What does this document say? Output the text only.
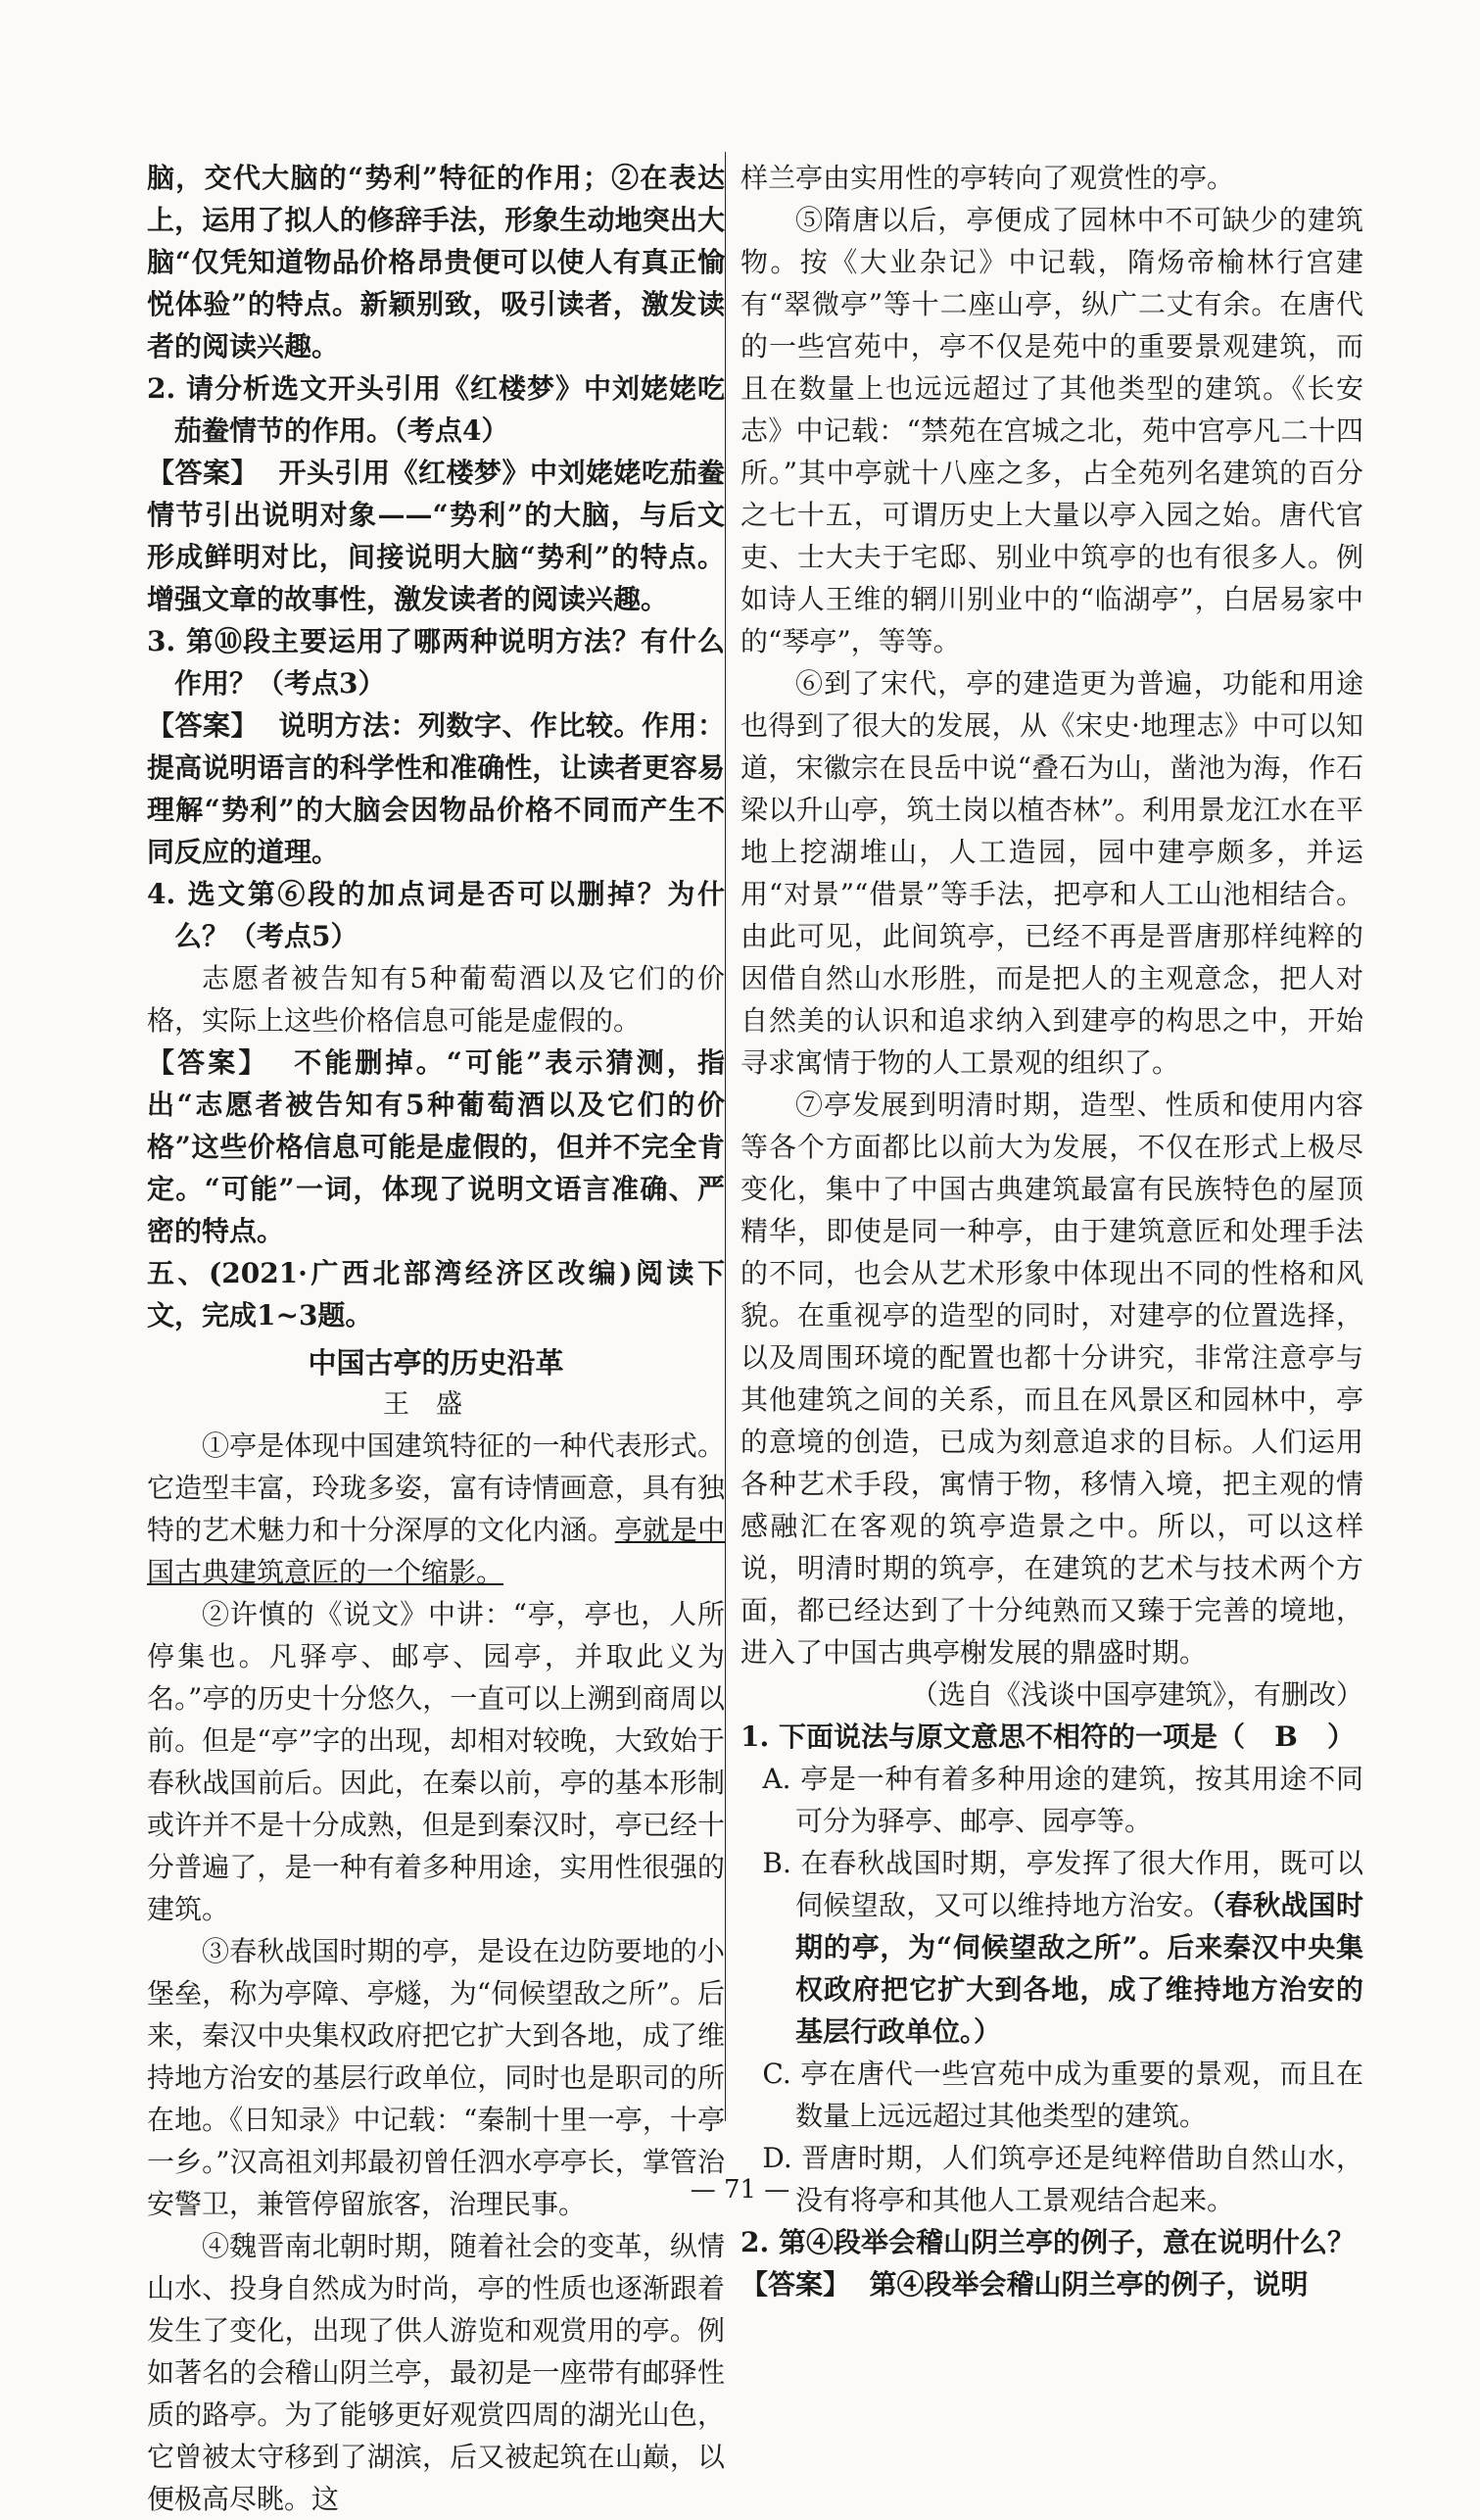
脑，交代大脑的“势利”特征的作用；②在表达上，运用了拟人的修辞手法，形象生动地突出大脑“仅凭知道物品价格昂贵便可以使人有真正愉悦体验”的特点。新颖别致，吸引读者，激发读者的阅读兴趣。

2. 请分析选文开头引用《红楼梦》中刘姥姥吃茄鲞情节的作用。（考点4）

【答案】 开头引用《红楼梦》中刘姥姥吃茄鲞情节引出说明对象——“势利”的大脑，与后文形成鲜明对比，间接说明大脑“势利”的特点。增强文章的故事性，激发读者的阅读兴趣。

3. 第⑩段主要运用了哪两种说明方法？有什么作用？（考点3）

【答案】 说明方法：列数字、作比较。作用：提高说明语言的科学性和准确性，让读者更容易理解“势利”的大脑会因物品价格不同而产生不同反应的道理。

4. 选文第⑥段的加点词是否可以删掉？为什么？（考点5）

志愿者被告知有5种葡萄酒以及它们的价格，实际上这些价格信息可能是虚假的。

【答案】 不能删掉。“可能”表示猜测，指出“志愿者被告知有5种葡萄酒以及它们的价格”这些价格信息可能是虚假的，但并不完全肯定。“可能”一词，体现了说明文语言准确、严密的特点。

五、(2021·广西北部湾经济区改编)阅读下文，完成1~3题。

中国古亭的历史沿革

王盛

①亭是体现中国建筑特征的一种代表形式。它造型丰富，玲珑多姿，富有诗情画意，具有独特的艺术魅力和十分深厚的文化内涵。亭就是中国古典建筑意匠的一个缩影。

②许慎的《说文》中讲：“亭，亭也，人所停集也。凡驿亭、邮亭、园亭，并取此义为名。”亭的历史十分悠久，一直可以上溯到商周以前。但是“亭”字的出现，却相对较晚，大致始于春秋战国前后。因此，在秦以前，亭的基本形制或许并不是十分成熟，但是到秦汉时，亭已经十分普遍了，是一种有着多种用途，实用性很强的建筑。

③春秋战国时期的亭，是设在边防要地的小堡垒，称为亭障、亭燧，为“伺候望敌之所”。后来，秦汉中央集权政府把它扩大到各地，成了维持地方治安的基层行政单位，同时也是职司的所在地。《日知录》中记载：“秦制十里一亭，十亭一乡。”汉高祖刘邦最初曾任泗水亭亭长，掌管治安警卫，兼管停留旅客，治理民事。

④魏晋南北朝时期，随着社会的变革，纵情山水、投身自然成为时尚，亭的性质也逐渐跟着发生了变化，出现了供人游览和观赏用的亭。例如著名的会稽山阴兰亭，最初是一座带有邮驿性质的路亭。为了能够更好观赏四周的湖光山色，它曾被太守移到了湖滨，后又被起筑在山巅，以便极高尽眺。这

样兰亭由实用性的亭转向了观赏性的亭。

⑤隋唐以后，亭便成了园林中不可缺少的建筑物。按《大业杂记》中记载，隋炀帝榆林行宫建有“翠微亭”等十二座山亭，纵广二丈有余。在唐代的一些宫苑中，亭不仅是苑中的重要景观建筑，而且在数量上也远远超过了其他类型的建筑。《长安志》中记载：“禁苑在宫城之北，苑中宫亭凡二十四所。”其中亭就十八座之多，占全苑列名建筑的百分之七十五，可谓历史上大量以亭入园之始。唐代官吏、士大夫于宅邸、别业中筑亭的也有很多人。例如诗人王维的辋川别业中的“临湖亭”，白居易家中的“琴亭”，等等。

⑥到了宋代，亭的建造更为普遍，功能和用途也得到了很大的发展，从《宋史·地理志》中可以知道，宋徽宗在艮岳中说“叠石为山，凿池为海，作石梁以升山亭，筑土岗以植杏林”。利用景龙江水在平地上挖湖堆山，人工造园，园中建亭颇多，并运用“对景”“借景”等手法，把亭和人工山池相结合。由此可见，此间筑亭，已经不再是晋唐那样纯粹的因借自然山水形胜，而是把人的主观意念，把人对自然美的认识和追求纳入到建亭的构思之中，开始寻求寓情于物的人工景观的组织了。

⑦亭发展到明清时期，造型、性质和使用内容等各个方面都比以前大为发展，不仅在形式上极尽变化，集中了中国古典建筑最富有民族特色的屋顶精华，即使是同一种亭，由于建筑意匠和处理手法的不同，也会从艺术形象中体现出不同的性格和风貌。在重视亭的造型的同时，对建亭的位置选择，以及周围环境的配置也都十分讲究，非常注意亭与其他建筑之间的关系，而且在风景区和园林中，亭的意境的创造，已成为刻意追求的目标。人们运用各种艺术手段，寓情于物，移情入境，把主观的情感融汇在客观的筑亭造景之中。所以，可以这样说，明清时期的筑亭，在建筑的艺术与技术两个方面，都已经达到了十分纯熟而又臻于完善的境地，进入了中国古典亭榭发展的鼎盛时期。

（选自《浅谈中国亭建筑》，有删改）

1. 下面说法与原文意思不相符的一项是（ B ）

A. 亭是一种有着多种用途的建筑，按其用途不同可分为驿亭、邮亭、园亭等。

B. 在春秋战国时期，亭发挥了很大作用，既可以伺候望敌，又可以维持地方治安。（春秋战国时期的亭，为“伺候望敌之所”。后来秦汉中央集权政府把它扩大到各地，成了维持地方治安的基层行政单位。）

C. 亭在唐代一些宫苑中成为重要的景观，而且在数量上远远超过其他类型的建筑。

D. 晋唐时期，人们筑亭还是纯粹借助自然山水，没有将亭和其他人工景观结合起来。

2. 第④段举会稽山阴兰亭的例子，意在说明什么？

【答案】 第④段举会稽山阴兰亭的例子，说明

— 71 —
